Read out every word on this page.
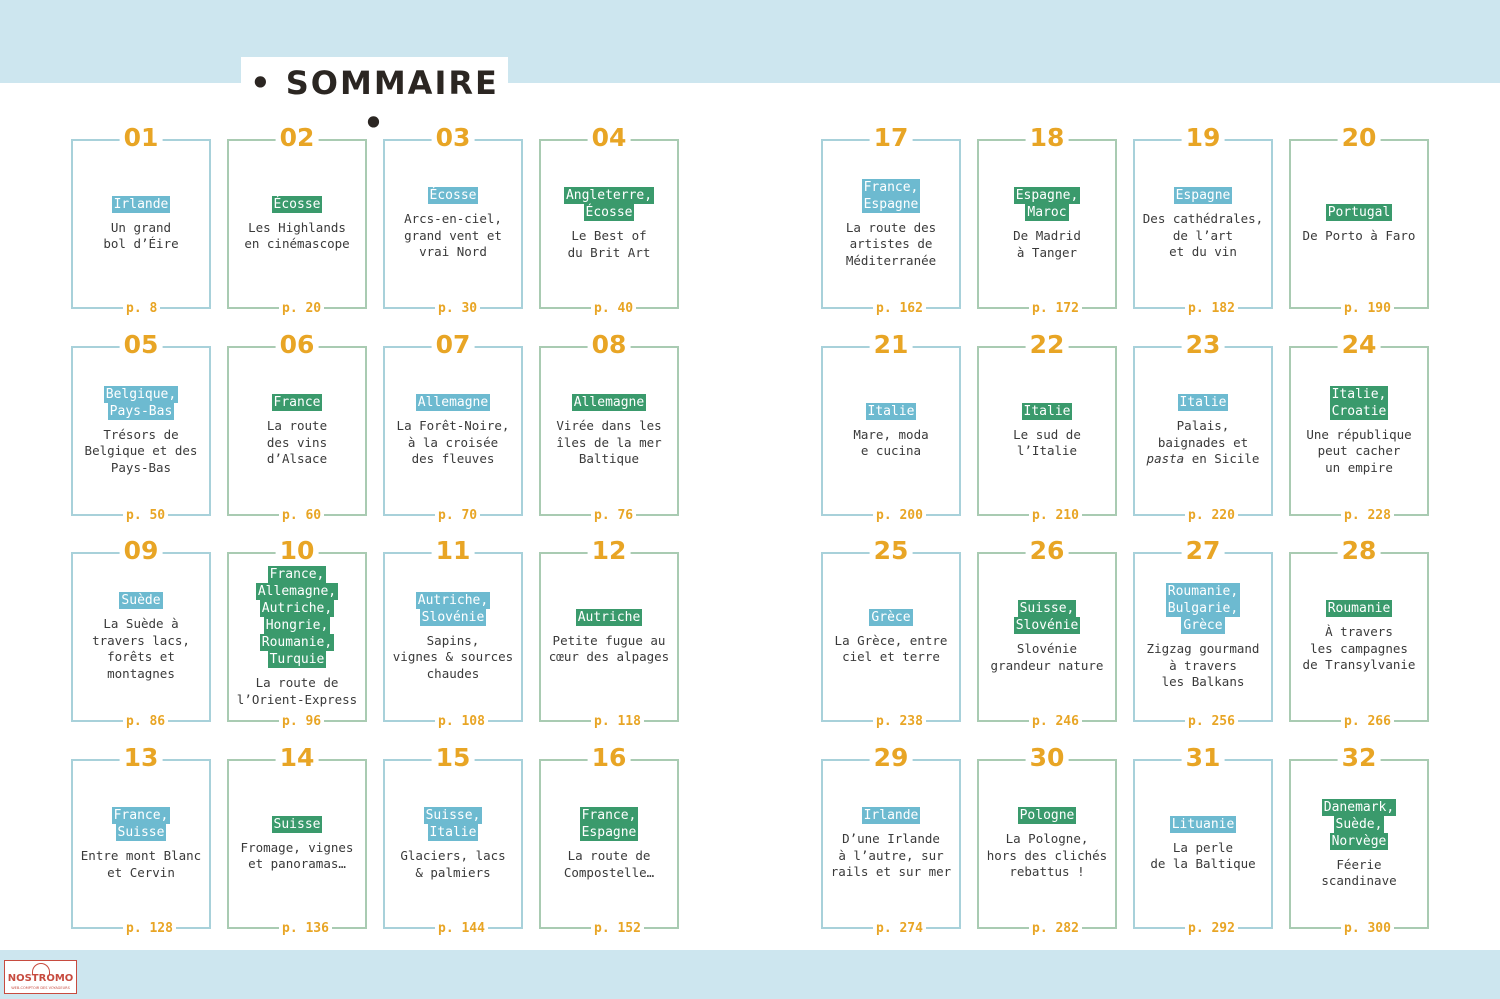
• SOMMAIRE •
01
Irlande
Un grand
bol d’Éire
p. 8
02
Écosse
Les Highlands
en cinémascope
p. 20
03
Écosse
Arcs-en-ciel,
grand vent et
vrai Nord
p. 30
04
Angleterre,
Écosse
Le Best of
du Brit Art
p. 40
05
Belgique,
Pays-Bas
Trésors de
Belgique et des
Pays-Bas
p. 50
06
France
La route
des vins
d’Alsace
p. 60
07
Allemagne
La Forêt-Noire,
à la croisée
des fleuves
p. 70
08
Allemagne
Virée dans les
îles de la mer
Baltique
p. 76
09
Suède
La Suède à
travers lacs,
forêts et
montagnes
p. 86
10
France,
Allemagne,
Autriche,
Hongrie,
Roumanie,
Turquie
La route de
l’Orient-Express
p. 96
11
Autriche,
Slovénie
Sapins,
vignes & sources
chaudes
p. 108
12
Autriche
Petite fugue au
cœur des alpages
p. 118
13
France,
Suisse
Entre mont Blanc
et Cervin
p. 128
14
Suisse
Fromage, vignes
et panoramas…
p. 136
15
Suisse,
Italie
Glaciers, lacs
& palmiers
p. 144
16
France,
Espagne
La route de
Compostelle…
p. 152
17
France,
Espagne
La route des
artistes de
Méditerranée
p. 162
18
Espagne,
Maroc
De Madrid
à Tanger
p. 172
19
Espagne
Des cathédrales,
de l’art
et du vin
p. 182
20
Portugal
De Porto à Faro
p. 190
21
Italie
Mare, moda
e cucina
p. 200
22
Italie
Le sud de
l’Italie
p. 210
23
Italie
Palais,
baignades et
pasta en Sicile
p. 220
24
Italie,
Croatie
Une république
peut cacher
un empire
p. 228
25
Grèce
La Grèce, entre
ciel et terre
p. 238
26
Suisse,
Slovénie
Slovénie
grandeur nature
p. 246
27
Roumanie,
Bulgarie,
Grèce
Zigzag gourmand
à travers
les Balkans
p. 256
28
Roumanie
À travers
les campagnes
de Transylvanie
p. 266
29
Irlande
D’une Irlande
à l’autre, sur
rails et sur mer
p. 274
30
Pologne
La Pologne,
hors des clichés
rebattus !
p. 282
31
Lituanie
La perle
de la Baltique
p. 292
32
Danemark,
Suède,
Norvège
Féerie
scandinave
p. 300
NOSTROMO
WEB-COMPTOIR DES VOYAGEURS
